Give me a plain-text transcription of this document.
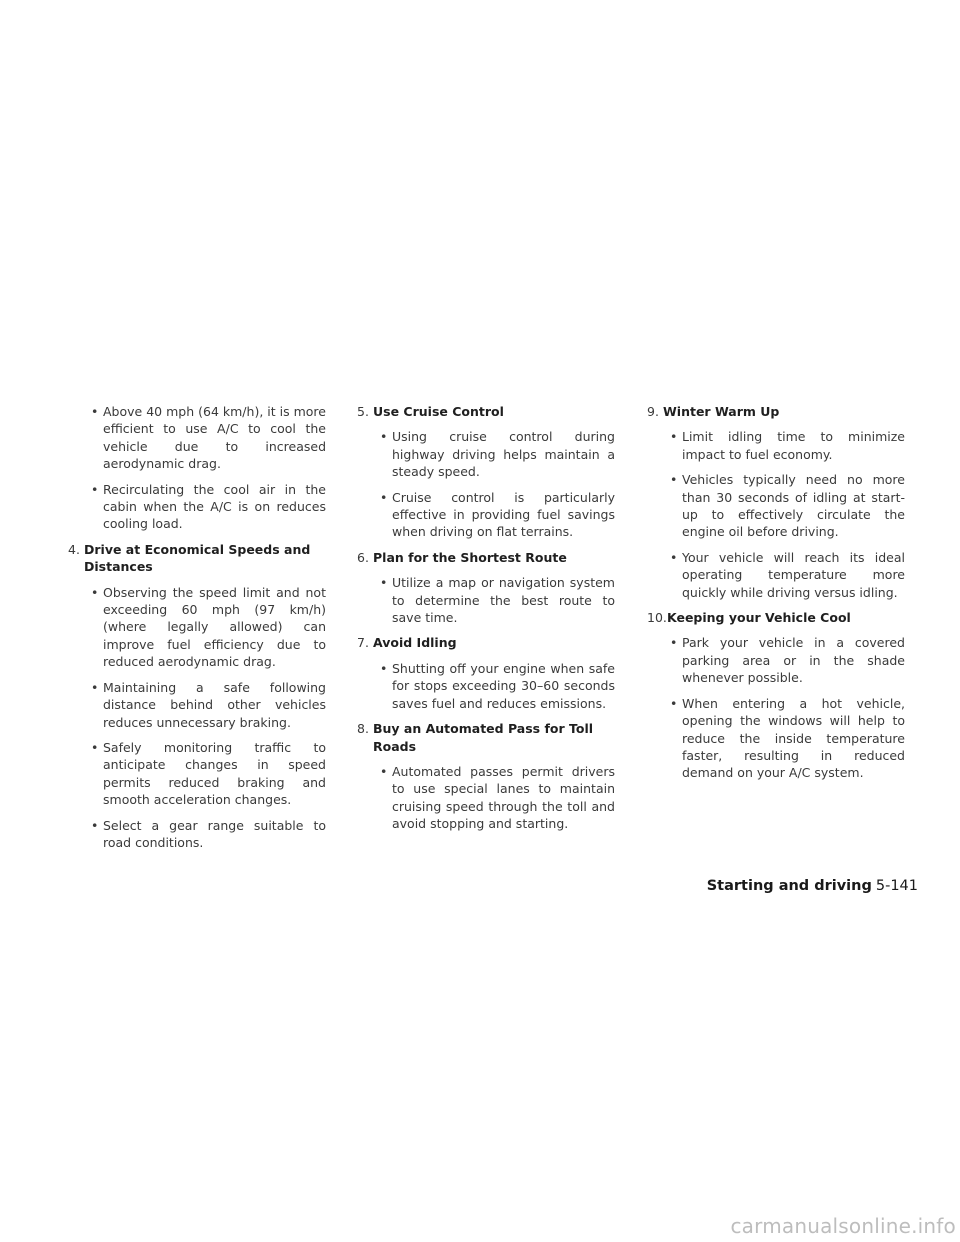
• Above 40 mph (64 km/h), it is more efficient to use A/C to cool the vehicle due to increased aerodynamic drag.
• Recirculating the cool air in the cabin when the A/C is on reduces cooling load.
4. Drive at Economical Speeds and Distances
• Observing the speed limit and not exceeding 60 mph (97 km/h) (where legally allowed) can improve fuel efficiency due to reduced aerodynamic drag.
• Maintaining a safe following distance behind other vehicles reduces unnecessary braking.
• Safely monitoring traffic to anticipate changes in speed permits reduced braking and smooth acceleration changes.
• Select a gear range suitable to road conditions.
5. Use Cruise Control
• Using cruise control during highway driving helps maintain a steady speed.
• Cruise control is particularly effective in providing fuel savings when driving on flat terrains.
6. Plan for the Shortest Route
• Utilize a map or navigation system to determine the best route to save time.
7. Avoid Idling
• Shutting off your engine when safe for stops exceeding 30–60 seconds saves fuel and reduces emissions.
8. Buy an Automated Pass for Toll Roads
• Automated passes permit drivers to use special lanes to maintain cruising speed through the toll and avoid stopping and starting.
9. Winter Warm Up
• Limit idling time to minimize impact to fuel economy.
• Vehicles typically need no more than 30 seconds of idling at start-up to effectively circulate the engine oil before driving.
• Your vehicle will reach its ideal operating temperature more quickly while driving versus idling.
10. Keeping your Vehicle Cool
• Park your vehicle in a covered parking area or in the shade whenever possible.
• When entering a hot vehicle, opening the windows will help to reduce the inside temperature faster, resulting in reduced demand on your A/C system.
Starting and driving 5-141
carmanualsonline.info
